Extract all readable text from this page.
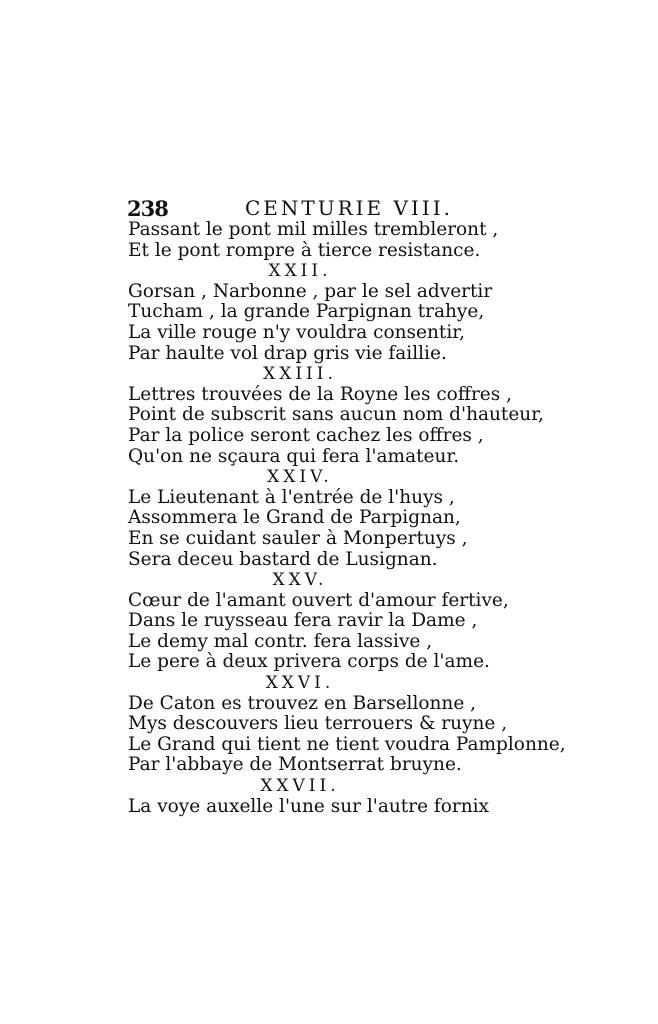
238	CENTURIE VIII.
Passant le pont mil milles trembleront ,
Et le pont rompre à tierce resistance.
XXII.
Gorsan , Narbonne , par le sel advertir
Tucham , la grande Parpignan trahye,
La ville rouge n'y vouldra consentir,
Par haulte vol drap gris vie faillie.
XXIII.
Lettres trouvées de la Royne les coffres ,
Point de subscrit sans aucun nom d'hauteur,
Par la police seront cachez les offres ,
Qu'on ne sçaura qui fera l'amateur.
XXIV.
Le Lieutenant à l'entrée de l'huys ,
Assommera le Grand de Parpignan,
En se cuidant sauler à Monpertuys ,
Sera deceu bastard de Lusignan.
XXV.
Cœur de l'amant ouvert d'amour fertive,
Dans le ruysseau fera ravir la Dame ,
Le demy mal contr. fera lassive ,
Le pere à deux privera corps de l'ame.
XXVI.
De Caton es trouvez en Barsellonne ,
Mys descouvers lieu terrouers & ruyne ,
Le Grand qui tient ne tient voudra Pamplonne,
Par l'abbaye de Montserrat bruyne.
XXVII.
La voye auxelle l'une sur l'autre fornix
